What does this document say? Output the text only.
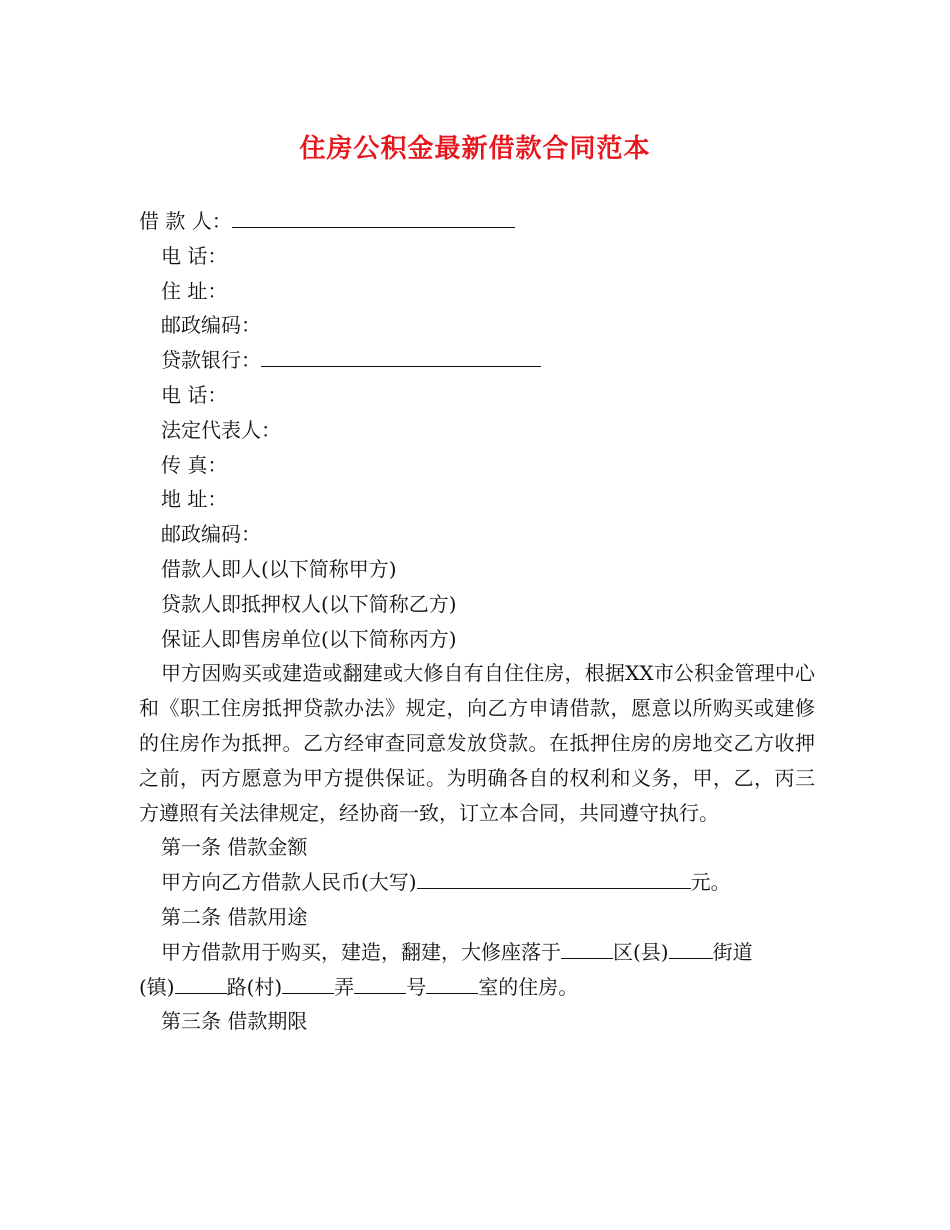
住房公积金最新借款合同范本
借 款 人：
电 话：
住 址：
邮政编码：
贷款银行：
电 话：
法定代表人：
传 真：
地 址：
邮政编码：
借款人即人(以下简称甲方)
贷款人即抵押权人(以下简称乙方)
保证人即售房单位(以下简称丙方)
甲方因购买或建造或翻建或大修自有自住住房，根据XX市公积金管理中心和《职工住房抵押贷款办法》规定，向乙方申请借款，愿意以所购买或建修的住房作为抵押。乙方经审查同意发放贷款。在抵押住房的房地交乙方收押之前，丙方愿意为甲方提供保证。为明确各自的权利和义务，甲，乙，丙三方遵照有关法律规定，经协商一致，订立本合同，共同遵守执行。
第一条 借款金额
甲方向乙方借款人民币(大写)	元。
第二条 借款用途
甲方借款用于购买，建造，翻建，大修座落于	区(县) 街道
(镇)	路(村)	弄	号	室的住房。
第三条 借款期限
